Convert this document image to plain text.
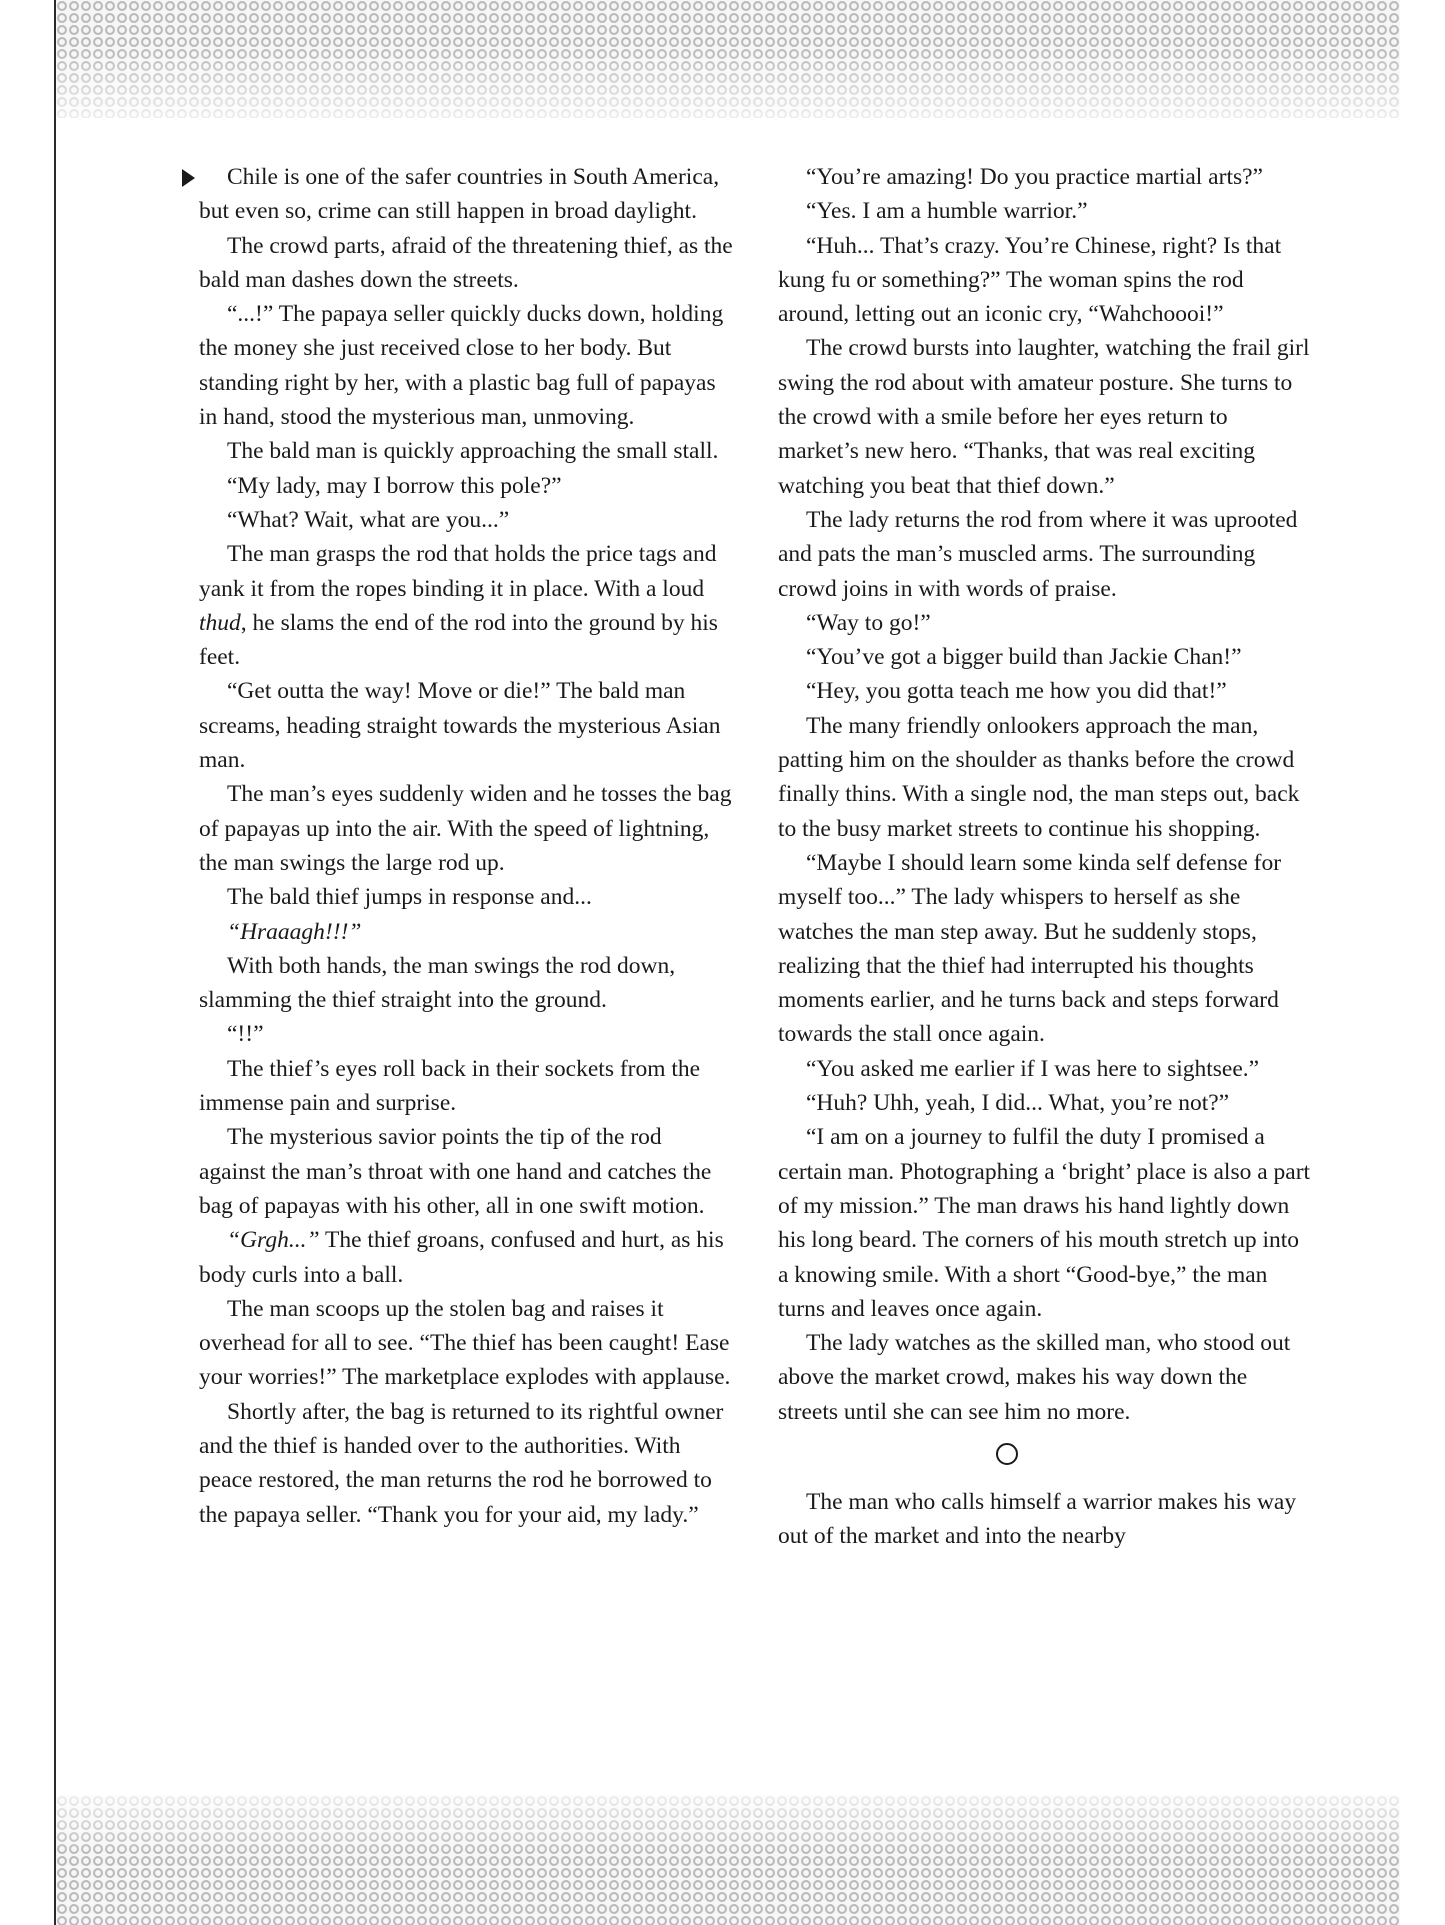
Chile is one of the safer countries in South America, but even so, crime can still happen in broad daylight.

The crowd parts, afraid of the threatening thief, as the bald man dashes down the streets.

“...!” The papaya seller quickly ducks down, holding the money she just received close to her body. But standing right by her, with a plastic bag full of papayas in hand, stood the mysterious man, unmoving.

The bald man is quickly approaching the small stall.

“My lady, may I borrow this pole?”

“What? Wait, what are you...”

The man grasps the rod that holds the price tags and yank it from the ropes binding it in place. With a loud thud, he slams the end of the rod into the ground by his feet.

“Get outta the way! Move or die!” The bald man screams, heading straight towards the mysterious Asian man.

The man’s eyes suddenly widen and he tosses the bag of papayas up into the air. With the speed of lightning, the man swings the large rod up.

The bald thief jumps in response and...

“Hraaagh!!!”

With both hands, the man swings the rod down, slamming the thief straight into the ground.

“!!”

The thief’s eyes roll back in their sockets from the immense pain and surprise.

The mysterious savior points the tip of the rod against the man’s throat with one hand and catches the bag of papayas with his other, all in one swift motion.

“Grgh...” The thief groans, confused and hurt, as his body curls into a ball.

The man scoops up the stolen bag and raises it overhead for all to see. “The thief has been caught! Ease your worries!” The marketplace explodes with applause.

Shortly after, the bag is returned to its rightful owner and the thief is handed over to the authorities. With peace restored, the man returns the rod he borrowed to the papaya seller. “Thank you for your aid, my lady.”

“You’re amazing! Do you practice martial arts?”

“Yes. I am a humble warrior.”

“Huh... That’s crazy. You’re Chinese, right? Is that kung fu or something?” The woman spins the rod around, letting out an iconic cry, “Wahchoooi!”

The crowd bursts into laughter, watching the frail girl swing the rod about with amateur posture. She turns to the crowd with a smile before her eyes return to market’s new hero. “Thanks, that was real exciting watching you beat that thief down.”

The lady returns the rod from where it was uprooted and pats the man’s muscled arms. The surrounding crowd joins in with words of praise.

“Way to go!”

“You’ve got a bigger build than Jackie Chan!”

“Hey, you gotta teach me how you did that!”

The many friendly onlookers approach the man, patting him on the shoulder as thanks before the crowd finally thins. With a single nod, the man steps out, back to the busy market streets to continue his shopping.

“Maybe I should learn some kinda self defense for myself too...” The lady whispers to herself as she watches the man step away. But he suddenly stops, realizing that the thief had interrupted his thoughts moments earlier, and he turns back and steps forward towards the stall once again.

“You asked me earlier if I was here to sightsee.”

“Huh? Uhh, yeah, I did... What, you’re not?”

“I am on a journey to fulfil the duty I promised a certain man. Photographing a ‘bright’ place is also a part of my mission.” The man draws his hand lightly down his long beard. The corners of his mouth stretch up into a knowing smile. With a short “Good-bye,” the man turns and leaves once again.

The lady watches as the skilled man, who stood out above the market crowd, makes his way down the streets until she can see him no more.

The man who calls himself a warrior makes his way out of the market and into the nearby
